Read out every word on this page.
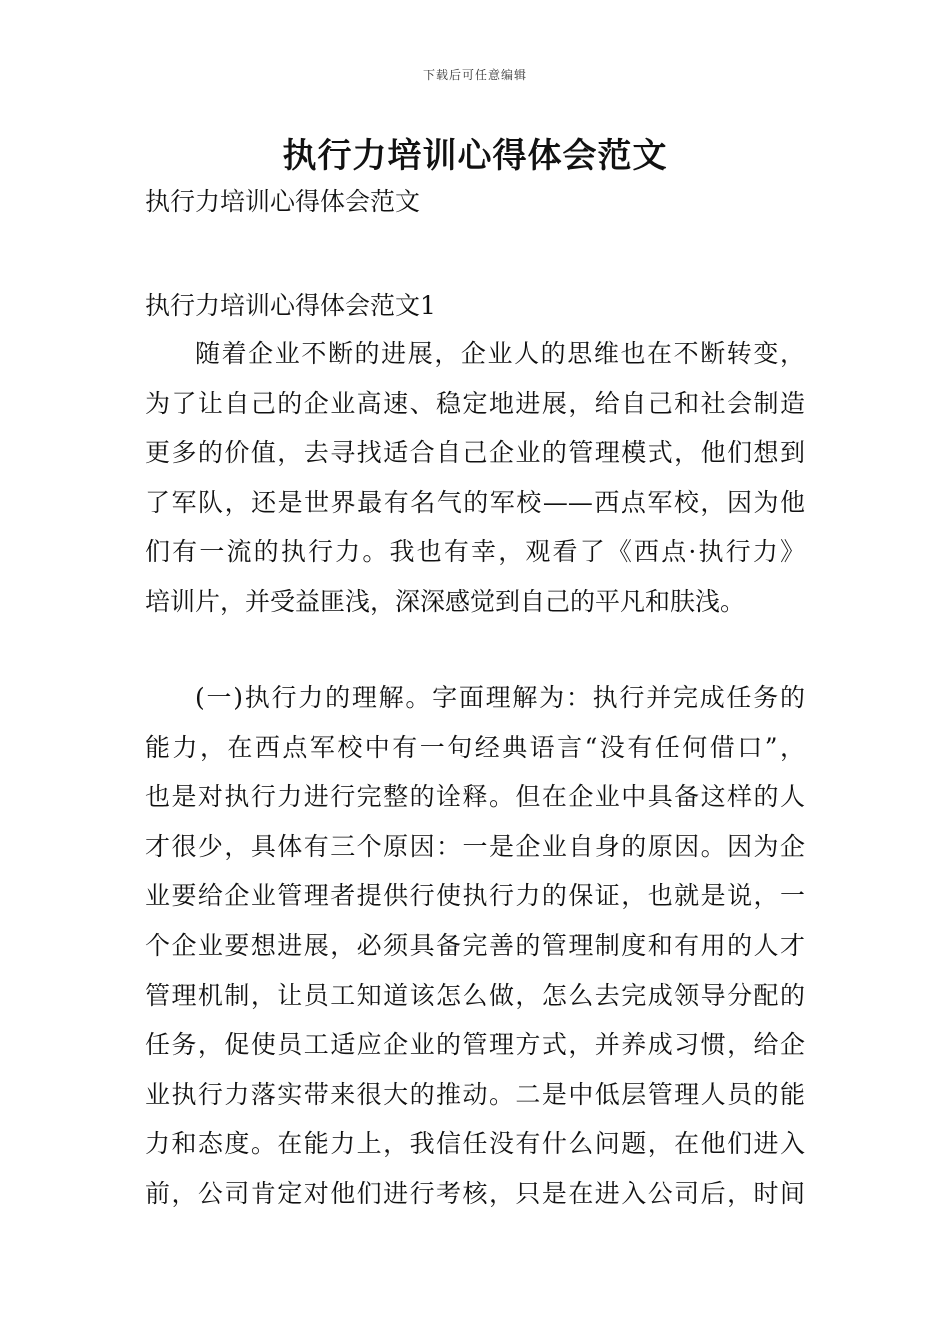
下载后可任意编辑
执行力培训心得体会范文
执行力培训心得体会范文
执行力培训心得体会范文1
随着企业不断的进展，企业人的思维也在不断转变，
为了让自己的企业高速、稳定地进展，给自己和社会制造
更多的价值，去寻找适合自己企业的管理模式，他们想到
了军队，还是世界最有名气的军校——西点军校，因为他
们有一流的执行力。我也有幸，观看了《西点·执行力》
培训片，并受益匪浅，深深感觉到自己的平凡和肤浅。
(一)执行力的理解。字面理解为：执行并完成任务的
能力，在西点军校中有一句经典语言“没有任何借口”，
也是对执行力进行完整的诠释。但在企业中具备这样的人
才很少，具体有三个原因：一是企业自身的原因。因为企
业要给企业管理者提供行使执行力的保证，也就是说，一
个企业要想进展，必须具备完善的管理制度和有用的人才
管理机制，让员工知道该怎么做，怎么去完成领导分配的
任务，促使员工适应企业的管理方式，并养成习惯，给企
业执行力落实带来很大的推动。二是中低层管理人员的能
力和态度。在能力上，我信任没有什么问题，在他们进入
前，公司肯定对他们进行考核，只是在进入公司后，时间
